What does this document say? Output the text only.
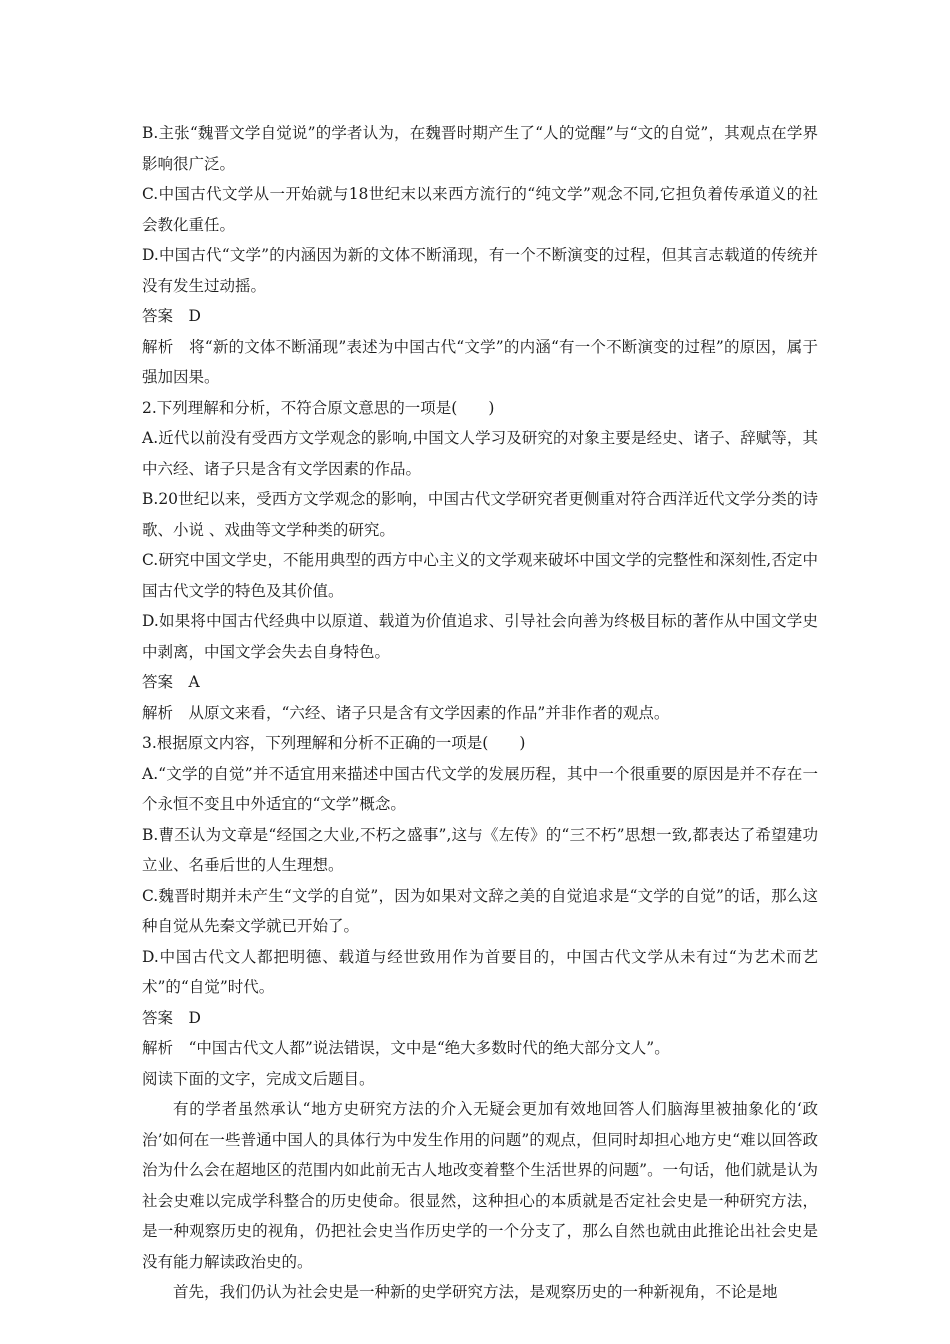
B.主张“魏晋文学自觉说”的学者认为，在魏晋时期产生了“人的觉醒”与“文的自觉”，其观点在学界影响很广泛。

C.中国古代文学从一开始就与18世纪末以来西方流行的“纯文学”观念不同,它担负着传承道义的社会教化重任。

D.中国古代“文学”的内涵因为新的文体不断涌现，有一个不断演变的过程，但其言志载道的传统并没有发生过动摇。

答案　D

解析　将“新的文体不断涌现”表述为中国古代“文学”的内涵“有一个不断演变的过程”的原因，属于强加因果。

2.下列理解和分析，不符合原文意思的一项是(　　)

A.近代以前没有受西方文学观念的影响,中国文人学习及研究的对象主要是经史、诸子、辞赋等，其中六经、诸子只是含有文学因素的作品。

B.20世纪以来，受西方文学观念的影响，中国古代文学研究者更侧重对符合西洋近代文学分类的诗歌、小说 、戏曲等文学种类的研究。

C.研究中国文学史，不能用典型的西方中心主义的文学观来破坏中国文学的完整性和深刻性,否定中国古代文学的特色及其价值。

D.如果将中国古代经典中以原道、载道为价值追求、引导社会向善为终极目标的著作从中国文学史中剥离，中国文学会失去自身特色。

答案　A

解析　从原文来看，“六经、诸子只是含有文学因素的作品”并非作者的观点。

3.根据原文内容，下列理解和分析不正确的一项是(　　)

A.“文学的自觉”并不适宜用来描述中国古代文学的发展历程，其中一个很重要的原因是并不存在一个永恒不变且中外适宜的“文学”概念。

B.曹丕认为文章是“经国之大业,不朽之盛事”,这与《左传》的“三不朽”思想一致,都表达了希望建功立业、名垂后世的人生理想。

C.魏晋时期并未产生“文学的自觉”，因为如果对文辞之美的自觉追求是“文学的自觉”的话，那么这种自觉从先秦文学就已开始了。

D.中国古代文人都把明德、载道与经世致用作为首要目的，中国古代文学从未有过“为艺术而艺术”的“自觉”时代。

答案　D

解析　“中国古代文人都”说法错误，文中是“绝大多数时代的绝大部分文人”。

阅读下面的文字，完成文后题目。

有的学者虽然承认“地方史研究方法的介入无疑会更加有效地回答人们脑海里被抽象化的‘政治’如何在一些普通中国人的具体行为中发生作用的问题”的观点，但同时却担心地方史“难以回答政治为什么会在超地区的范围内如此前无古人地改变着整个生活世界的问题”。一句话，他们就是认为社会史难以完成学科整合的历史使命。很显然，这种担心的本质就是否定社会史是一种研究方法，是一种观察历史的视角，仍把社会史当作历史学的一个分支了，那么自然也就由此推论出社会史是没有能力解读政治史的。

首先，我们仍认为社会史是一种新的史学研究方法，是观察历史的一种新视角，不论是地
